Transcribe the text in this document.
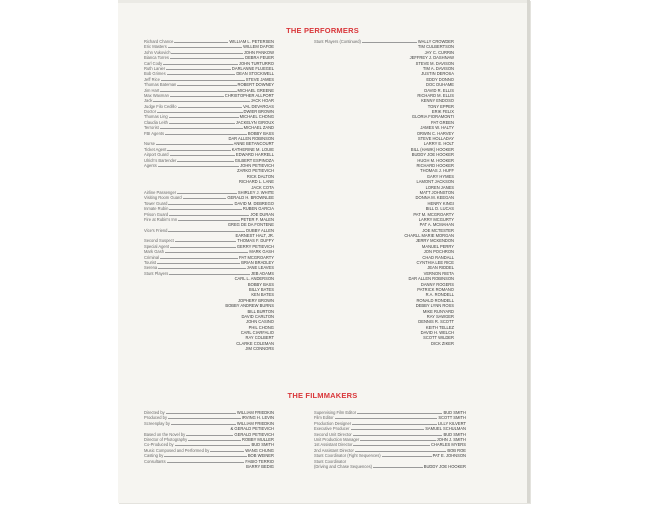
THE PERFORMERS
Richard Chance	WILLIAM L. PETERSEN
Eric Masters	WILLEM DAFOE
John Vukovich	JOHN PANKOW
Bianca Torres	DEBRA FEUER
Carl Cody	JOHN TURTURRO
Ruth Lanier	DARLANNE FLUEGEL
Bob Grimes	DEAN STOCKWELL
Jeff Rice	STEVE JAMES
Thomas Bateman	ROBERT DOWNEY
Jim Hart	MICHAEL GREENE
Max Waxman	CHRISTOPHER ALLPORT
Jack	JACK HOAR
Judge Filo Cedillo	VAL DEVARGAS
Doctor	DWIER BROWN
Thomas Ling	MICHAEL CHONG
Claudia Leith	JACKELYN GIROUX
Terrorist	MICHAEL ZAND
FBI Agents	BOBBY BASS
DAR ALLEN ROBINSON
Nurse	ANNE BETANCOURT
Ticket Agent	KATHERINE M. LOUIE
Airport Guard	EDWARD HARRELL
Ulrich's Bartender	GILBERT ESPINOZA
Agents	JOHN PETIEVICH
ZARKO PETIEVICH
RICK DALTON
RICHARD L. LANE
JACK COTA
Airline Passenger	SHIRLEY J. WHITE
Visiting Room Guard	GERALD H. BROWNLEE
Tower Guard	DAVID M. DEBREGO
Inmate Rubin	RUBEN GARCIA
Prison Guard	JOE DURAN
Fire at Rubin's Inn	PETER F. MALEN
GREG DE DA FONTENE
Vice's Friend	DUBBY ALLEN
EARNEST HALT, JR.
Second Suspect	THOMAS F. DUFFY
Special Agent	GERRY PETIEVICH
Mark Gash	MARK GASH
Criminal	PAT MCGROARTY
Tourist	BRIAN BRADLEY
Serena	JANE LEAVES
Stunt Players	JEB ADAMS
CARL L. ANDERSON
BOBBY BASS
BILLY BATES
KEN BATES
JOPHERY BROWN
BOBBY ANDREW BURNS
BILL BURTON
DAVID CARLTON
JOHN CASINO
PHIL CHONG
CARL CIARFALIO
RAY COLBERT
CLARKE COLEMAN
JIM CONNORS
Stunt Players (Continued)	WALLY CROWDER
TIM CULBERTSON
JAY C. CURRIN
JEFFREY J. DASHNAW
STEVE M. DAVISON
TIM A. DAVISON
JUSTIN DEROSA
EDDY DONNO
DOC DUHAME
DAVID R. ELLIS
RICHARD M. ELLIS
KENNY ENDOSO
TONY EPPER
ERIK FELIX
GLORIA FIORAMONTI
PAT GREEN
JAMES W. HALTY
ORWIN C. HARVEY
STEVE HOLLADAY
LARRY E. HOLT
BILL (HAWK) HOOKER
BUDDY JOE HOOKER
HUGH M. HOOKER
RICHARD HOOKER
THOMAS J. HUFF
GARY HYMES
LAMONT JACKSON
LOREN JANES
MATT JOHNSTON
DONNA M. KEEGAN
HENRY KINGI
BILL D. LUCAS
PAT M. MCGROARTY
LARRY MCGURTY
PAT A. MCMAHAN
JOE MCTESTER
CHARLL MARIE MORGAN
JERRY MCKENDON
MANUEL PERRY
JON POCHRON
CHAD RANDALL
CYNTHIA LEE RICE
JEAN RIDDEL
VERNON RIETA
DAR ALLEN ROBINSON
DANNY ROGERS
PATRICK ROMANO
R.A. RONDELL
RONALD RONDELL
DEBBY LYNN ROSS
MIKE RUNYARD
RAY SAWGER
DENNIS R. SCOTT
KEITH TELLEZ
DAVID H. WELCH
SCOTT WILDER
DICK ZIKER
THE FILMMAKERS
Directed by	WILLIAM FRIEDKIN
Produced by	IRVING H. LEVIN
Screenplay by	WILLIAM FRIEDKIN
& GERALD PETIEVICH
Based on the Novel by	GERALD PETIEVICH
Director of Photography	ROBBY MULLER
Co-Produced by	BUD SMITH
Music Composed and Performed by	WANG CHUNG
Casting by	BOB WEINER
Consultants	FABIO TERRIO
BARRY BEDIG
Supervising Film Editor	BUD SMITH
Film Editor	SCOTT SMITH
Production Designer	LILLY KILVERT
Executive Producer	SAMUEL SCHULMAN
Second Unit Director	BUD SMITH
Unit Production Manager	JOHN J. SMITH
1st Assistant Director	CHARLES MYERS
2nd Assistant Director	BOB ROE
Stunt Coordinator (Fight Sequences)	PAT E. JOHNSON
Stunt Coordinator
(Driving and Chase Sequences)	BUDDY JOE HOOKER
